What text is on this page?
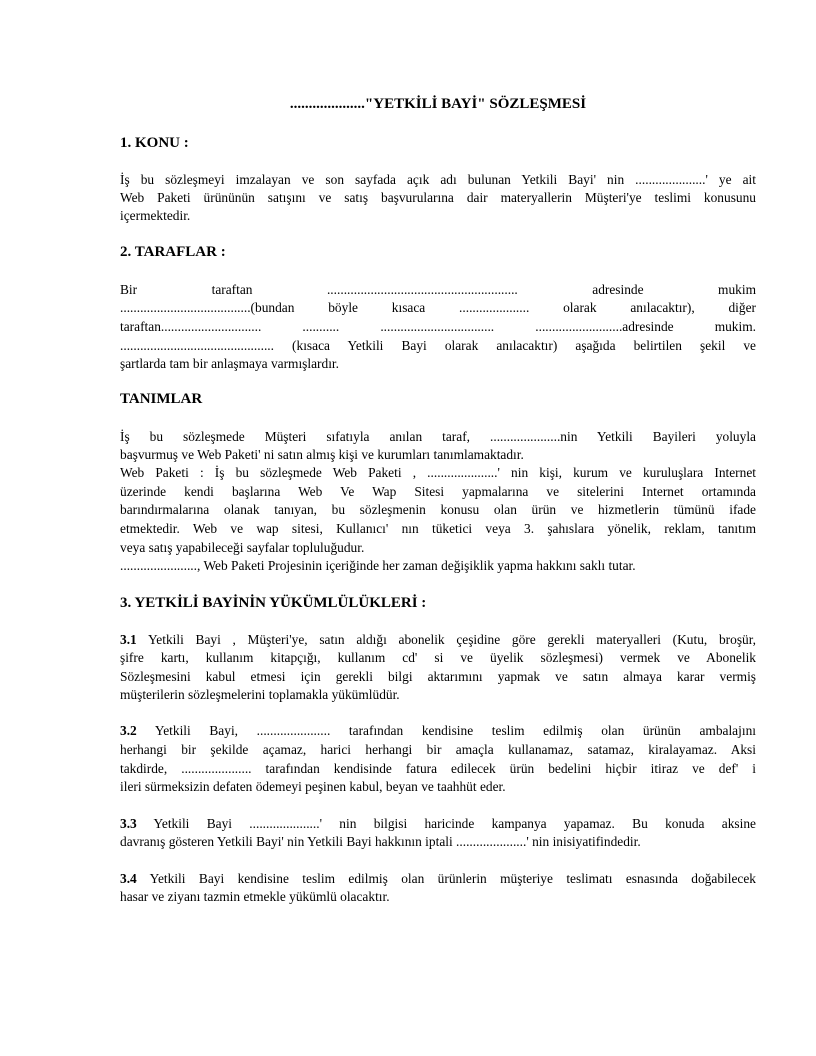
...................."YETKİLİ BAYİ" SÖZLEŞMESİ
1. KONU :
İş bu sözleşmeyi imzalayan ve son sayfada açık adı bulunan Yetkili Bayi' nin .....................' ye ait
Web Paketi ürününün satışını ve satış başvurularına dair materyallerin Müşteri'ye teslimi konusunu
içermektedir.
2. TARAFLAR :
Bir taraftan ......................................................... adresinde mukim
.......................................(bundan böyle kısaca ..................... olarak anılacaktır), diğer
taraftan.............................. ........... .................................. ..........................adresinde mukim.
.............................................. (kısaca Yetkili Bayi olarak anılacaktır) aşağıda belirtilen şekil ve
şartlarda tam bir anlaşmaya varmışlardır.
TANIMLAR
İş bu sözleşmede Müşteri sıfatıyla anılan taraf, .....................nin Yetkili Bayileri yoluyla
başvurmuş ve Web Paketi' ni satın almış kişi ve kurumları tanımlamaktadır.
Web Paketi : İş bu sözleşmede Web Paketi , .....................' nin kişi, kurum ve kuruluşlara Internet
üzerinde kendi başlarına Web Ve Wap Sitesi yapmalarına ve sitelerini Internet ortamında
barındırmalarına olanak tanıyan, bu sözleşmenin konusu olan ürün ve hizmetlerin tümünü ifade
etmektedir. Web ve wap sitesi, Kullanıcı' nın tüketici veya 3. şahıslara yönelik, reklam, tanıtım
veya satış yapabileceği sayfalar topluluğudur.
......................., Web Paketi Projesinin içeriğinde her zaman değişiklik yapma hakkını saklı tutar.
3. YETKİLİ BAYİNİN YÜKÜMLÜLÜKLERİ :
3.1 Yetkili Bayi , Müşteri'ye, satın aldığı abonelik çeşidine göre gerekli materyalleri (Kutu, broşür,
şifre kartı, kullanım kitapçığı, kullanım cd' si ve üyelik sözleşmesi) vermek ve Abonelik
Sözleşmesini kabul etmesi için gerekli bilgi aktarımını yapmak ve satın almaya karar vermiş
müşterilerin sözleşmelerini toplamakla yükümlüdür.
3.2 Yetkili Bayi, ...................... tarafından kendisine teslim edilmiş olan ürünün ambalajını
herhangi bir şekilde açamaz, harici herhangi bir amaçla kullanamaz, satamaz, kiralayamaz. Aksi
takdirde, ..................... tarafından kendisinde fatura edilecek ürün bedelini hiçbir itiraz ve def' i
ileri sürmeksizin defaten ödemeyi peşinen kabul, beyan ve taahhüt eder.
3.3 Yetkili Bayi .....................' nin bilgisi haricinde kampanya yapamaz. Bu konuda aksine
davranış gösteren Yetkili Bayi' nin Yetkili Bayi hakkının iptali .....................' nin inisiyatifindedir.
3.4 Yetkili Bayi kendisine teslim edilmiş olan ürünlerin müşteriye teslimatı esnasında doğabilecek
hasar ve ziyanı tazmin etmekle yükümlü olacaktır.
